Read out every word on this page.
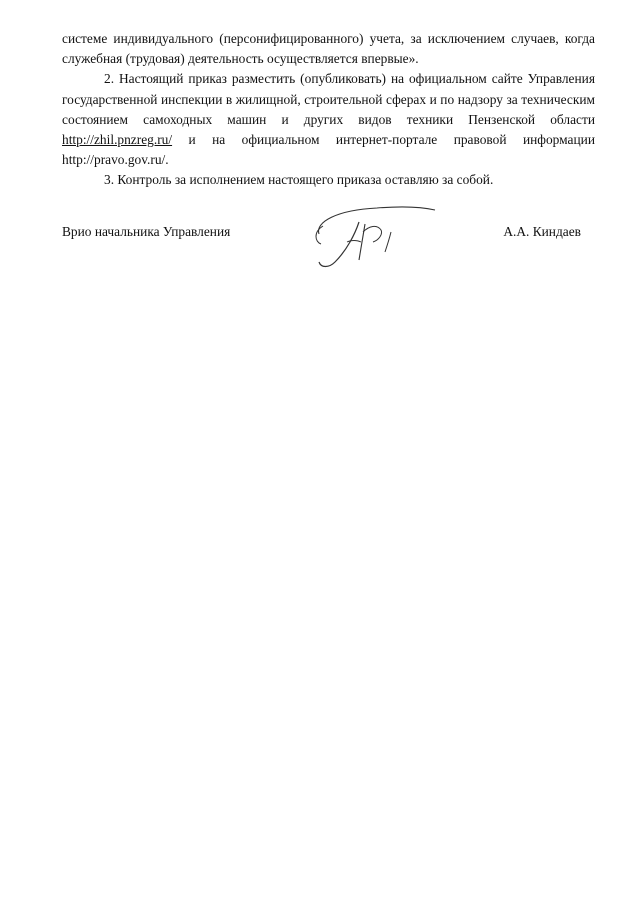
системе индивидуального (персонифицированного) учета, за исключением случаев, когда служебная (трудовая) деятельность осуществляется впервые».

2. Настоящий приказ разместить (опубликовать) на официальном сайте Управления государственной инспекции в жилищной, строительной сферах и по надзору за техническим состоянием самоходных машин и других видов техники Пензенской области http://zhil.pnzreg.ru/ и на официальном интернет-портале правовой информации http://pravo.gov.ru/.

3. Контроль за исполнением настоящего приказа оставляю за собой.

Врио начальника Управления	А.А. Киндаев
